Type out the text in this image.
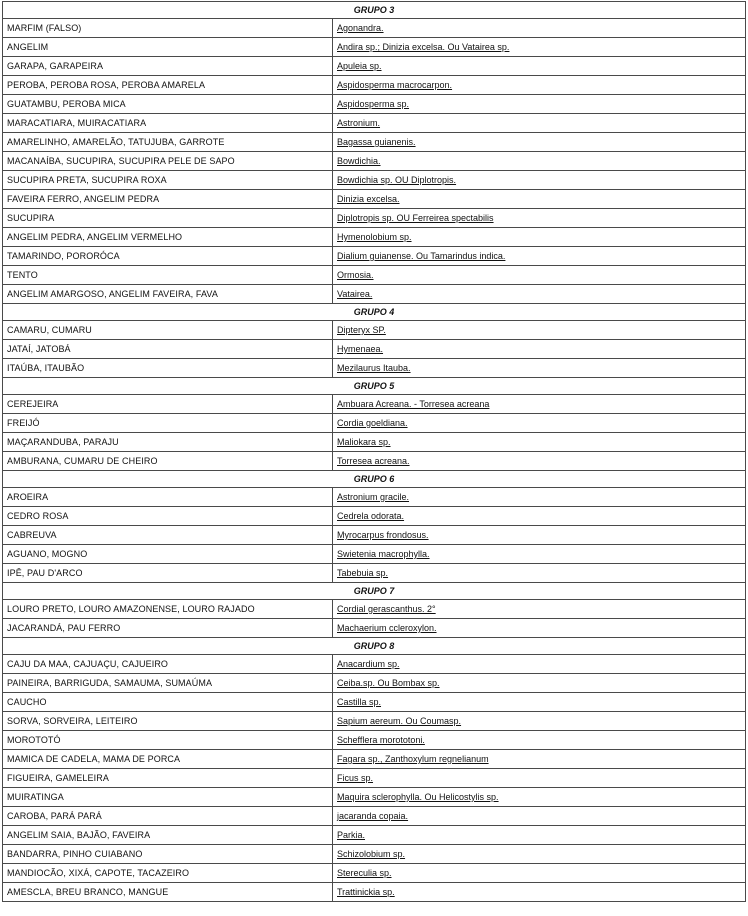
GRUPO 3	
MARFIM (FALSO)	Agonandra.
ANGELIM	Andira sp.; Dinizia excelsa. Ou Vatairea sp.
GARAPA, GARAPEIRA	Apuleia sp.
PEROBA, PEROBA ROSA, PEROBA AMARELA	Aspidosperma macrocarpon.
GUATAMBU, PEROBA MICA	Aspidosperma sp.
MARACATIARA, MUIRACATIARA	Astronium.
AMARELINHO, AMARELÃO, TATUJUBA, GARROTE	Bagassa guianenis.
MACANAÍBA, SUCUPIRA, SUCUPIRA PELE DE SAPO	Bowdichia.
SUCUPIRA PRETA, SUCUPIRA ROXA	Bowdichia sp. OU Diplotropis.
FAVEIRA FERRO, ANGELIM PEDRA	Dinizia excelsa.
SUCUPIRA	Diplotropis sp. OU Ferreirea spectabilis
ANGELIM PEDRA, ANGELIM VERMELHO	Hymenolobium sp.
TAMARINDO, PORORÓCA	Dialium guianense. Ou Tamarindus indica.
TENTO	Ormosia.
ANGELIM AMARGOSO, ANGELIM FAVEIRA, FAVA	Vatairea.
GRUPO 4	
CAMARU, CUMARU	Dipteryx SP.
JATAÍ, JATOBÁ	Hymenaea.
ITAÚBA, ITAUBÃO	Mezilaurus Itauba.
GRUPO 5	
CEREJEIRA	Ambuara Acreana. - Torresea acreana
FREIJÓ	Cordia goeldiana.
MAÇARANDUBA, PARAJU	Maliokara sp.
AMBURANA, CUMARU DE CHEIRO	Torresea acreana.
GRUPO 6	
AROEIRA	Astronium gracile.
CEDRO ROSA	Cedrela odorata.
CABREUVA	Myrocarpus frondosus.
AGUANO, MOGNO	Swietenia macrophylla.
IPÊ, PAU D'ARCO	Tabebuia sp.
GRUPO 7	
LOURO PRETO, LOURO AMAZONENSE, LOURO RAJADO	Cordial gerascanthus. 2°
JACARANDÁ, PAU FERRO	Machaerium ccleroxylon.
GRUPO 8	
CAJU DA MAA, CAJUAÇU, CAJUEIRO	Anacardium sp.
PAINEIRA, BARRIGUDA, SAMAUMA, SUMAÚMA	Ceiba.sp. Ou Bombax sp.
CAUCHO	Castilla sp.
SORVA, SORVEIRA, LEITEIRO	Sapium aereum. Ou Coumasp.
MOROTOTÓ	Schefflera morototoni.
MAMICA DE CADELA, MAMA DE PORCA	Fagara sp., Zanthoxylum regnelianum
FIGUEIRA, GAMELEIRA	Ficus sp.
MUIRATINGA	Maquira sclerophylla. Ou Helicostylis sp.
CAROBA, PARÁ PARÁ	jacaranda copaia.
ANGELIM SAIA, BAJÃO, FAVEIRA	Parkia.
BANDARRA, PINHO CUIABANO	Schizolobium sp.
MANDIOCÃO, XIXÁ, CAPOTE, TACAZEIRO	Stereculia sp.
AMESCLA, BREU BRANCO, MANGUE	Trattinickia sp.
